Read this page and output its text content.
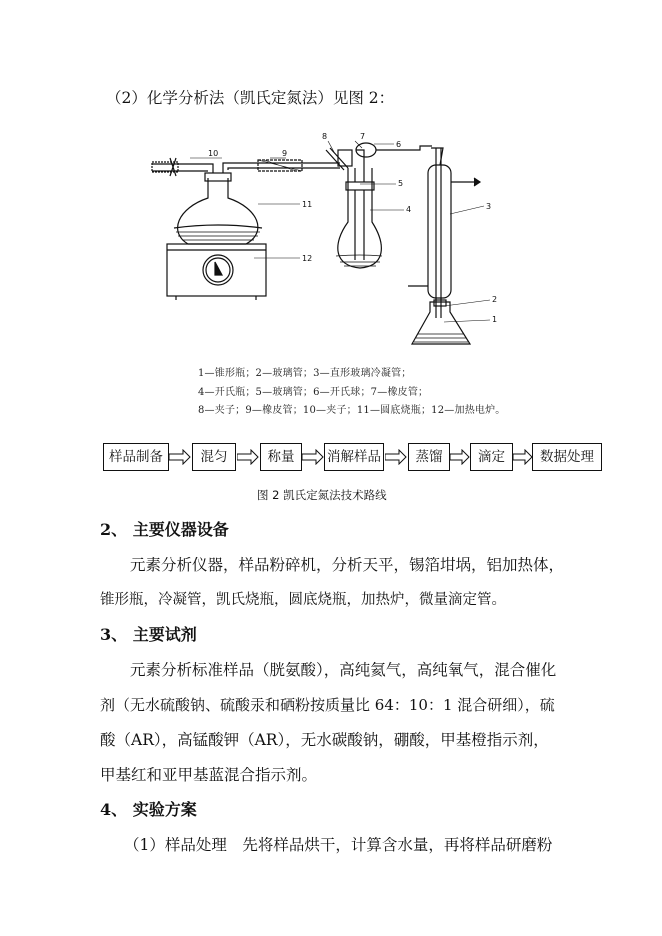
（2）化学分析法（凯氏定氮法）见图 2：
1
2
3
4
5
6
7
8
9
10
11
12
1—锥形瓶；2—玻璃管；3—直形玻璃冷凝管；
4—开氏瓶；5—玻璃管；6—开氏球；7—橡皮管；
8—夹子；9—橡皮管；10—夹子；11—圆底烧瓶；12—加热电炉。
样品制备	混匀	称量	消解样品	蒸馏	滴定	数据处理
图 2 凯氏定氮法技术路线
2、 主要仪器设备
元素分析仪器，样品粉碎机，分析天平，锡箔坩埚，铝加热体，
锥形瓶，冷凝管，凯氏烧瓶，圆底烧瓶，加热炉，微量滴定管。
3、 主要试剂
元素分析标准样品（胱氨酸），高纯氦气，高纯氧气，混合催化
剂（无水硫酸钠、硫酸汞和硒粉按质量比 64：10：1 混合研细），硫
酸（AR），高锰酸钾（AR），无水碳酸钠，硼酸，甲基橙指示剂，
甲基红和亚甲基蓝混合指示剂。
4、 实验方案
（1）样品处理　先将样品烘干，计算含水量，再将样品研磨粉
